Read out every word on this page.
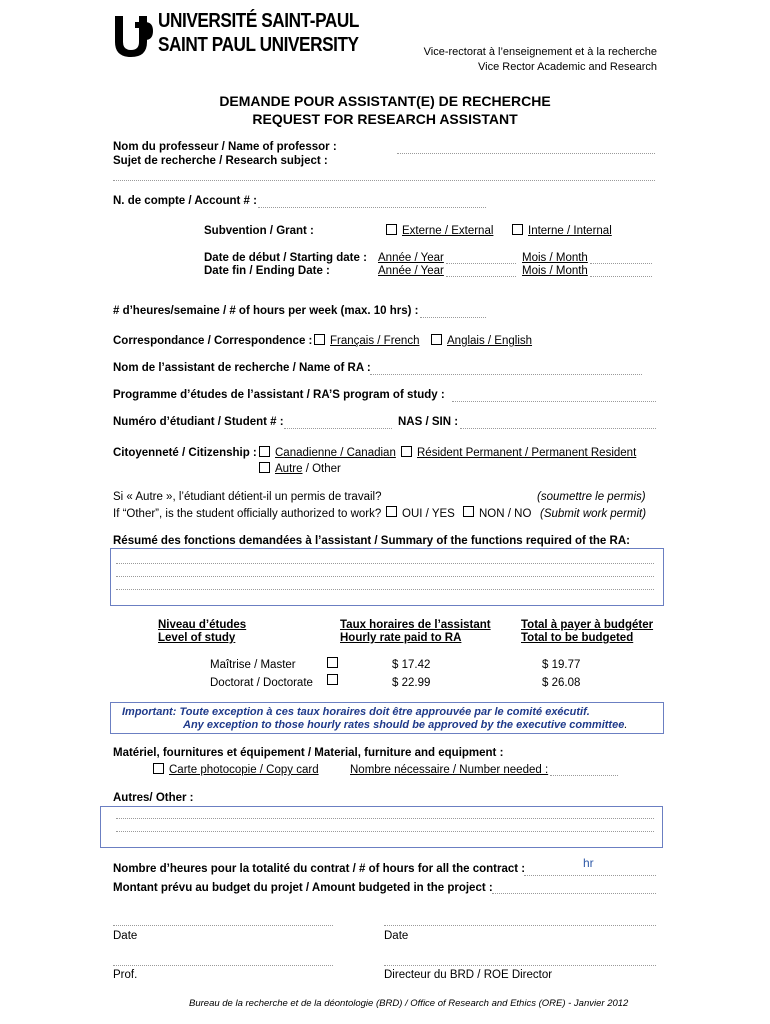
UNIVERSITÉ SAINT-PAUL
SAINT PAUL UNIVERSITY	Vice-rectorat à l’enseignement et à la recherche
Vice Rector Academic and Research
DEMANDE POUR ASSISTANT(E) DE RECHERCHE
REQUEST FOR RESEARCH ASSISTANT
Nom du professeur / Name of professor :
Sujet de recherche / Research subject :
N. de compte / Account # :
Subvention / Grant :	Externe / External	Interne / Internal
Date de début / Starting date : Année / Year	Mois / Month
Date fin / Ending Date :	Année / Year	Mois / Month
# d’heures/semaine / # of hours per week (max. 10 hrs) :
Correspondance / Correspondence : Français / French Anglais / English
Nom de l’assistant de recherche / Name of RA :
Programme d’études de l’assistant / RA’S program of study :
Numéro d’étudiant / Student # :	NAS / SIN :
Citoyenneté / Citizenship : Canadienne / Canadian Résident Permanent / Permanent Resident
Autre / Other
Si « Autre », l’étudiant détient-il un permis de travail?	(soumettre le permis)
If “Other”, is the student officially authorized to work? OUI / YES NON / NO (Submit work permit)
Résumé des fonctions demandées à l’assistant / Summary of the functions required of the RA:
Niveau d’études
Level of study
Taux horaires de l’assistant
Hourly rate paid to RA
Total à payer à budgéter
Total to be budgeted
Maîtrise / Master	$ 17.42	$ 19.77
Doctorat / Doctorate	$ 22.99	$ 26.08
Important: Toute exception à ces taux horaires doit être approuvée par le comité exécutif.
Any exception to those hourly rates should be approved by the executive committee.
Matériel, fournitures et équipement / Material, furniture and equipment :
Carte photocopie / Copy card	Nombre nécessaire / Number needed :
Autres/ Other :
Nombre d’heures pour la totalité du contrat / # of hours for all the contract :	hr
Montant prévu au budget du projet / Amount budgeted in the project :
Date	Date
Prof.	Directeur du BRD / ROE Director
Bureau de la recherche et de la déontologie (BRD) / Office of Research and Ethics (ORE) - Janvier 2012
